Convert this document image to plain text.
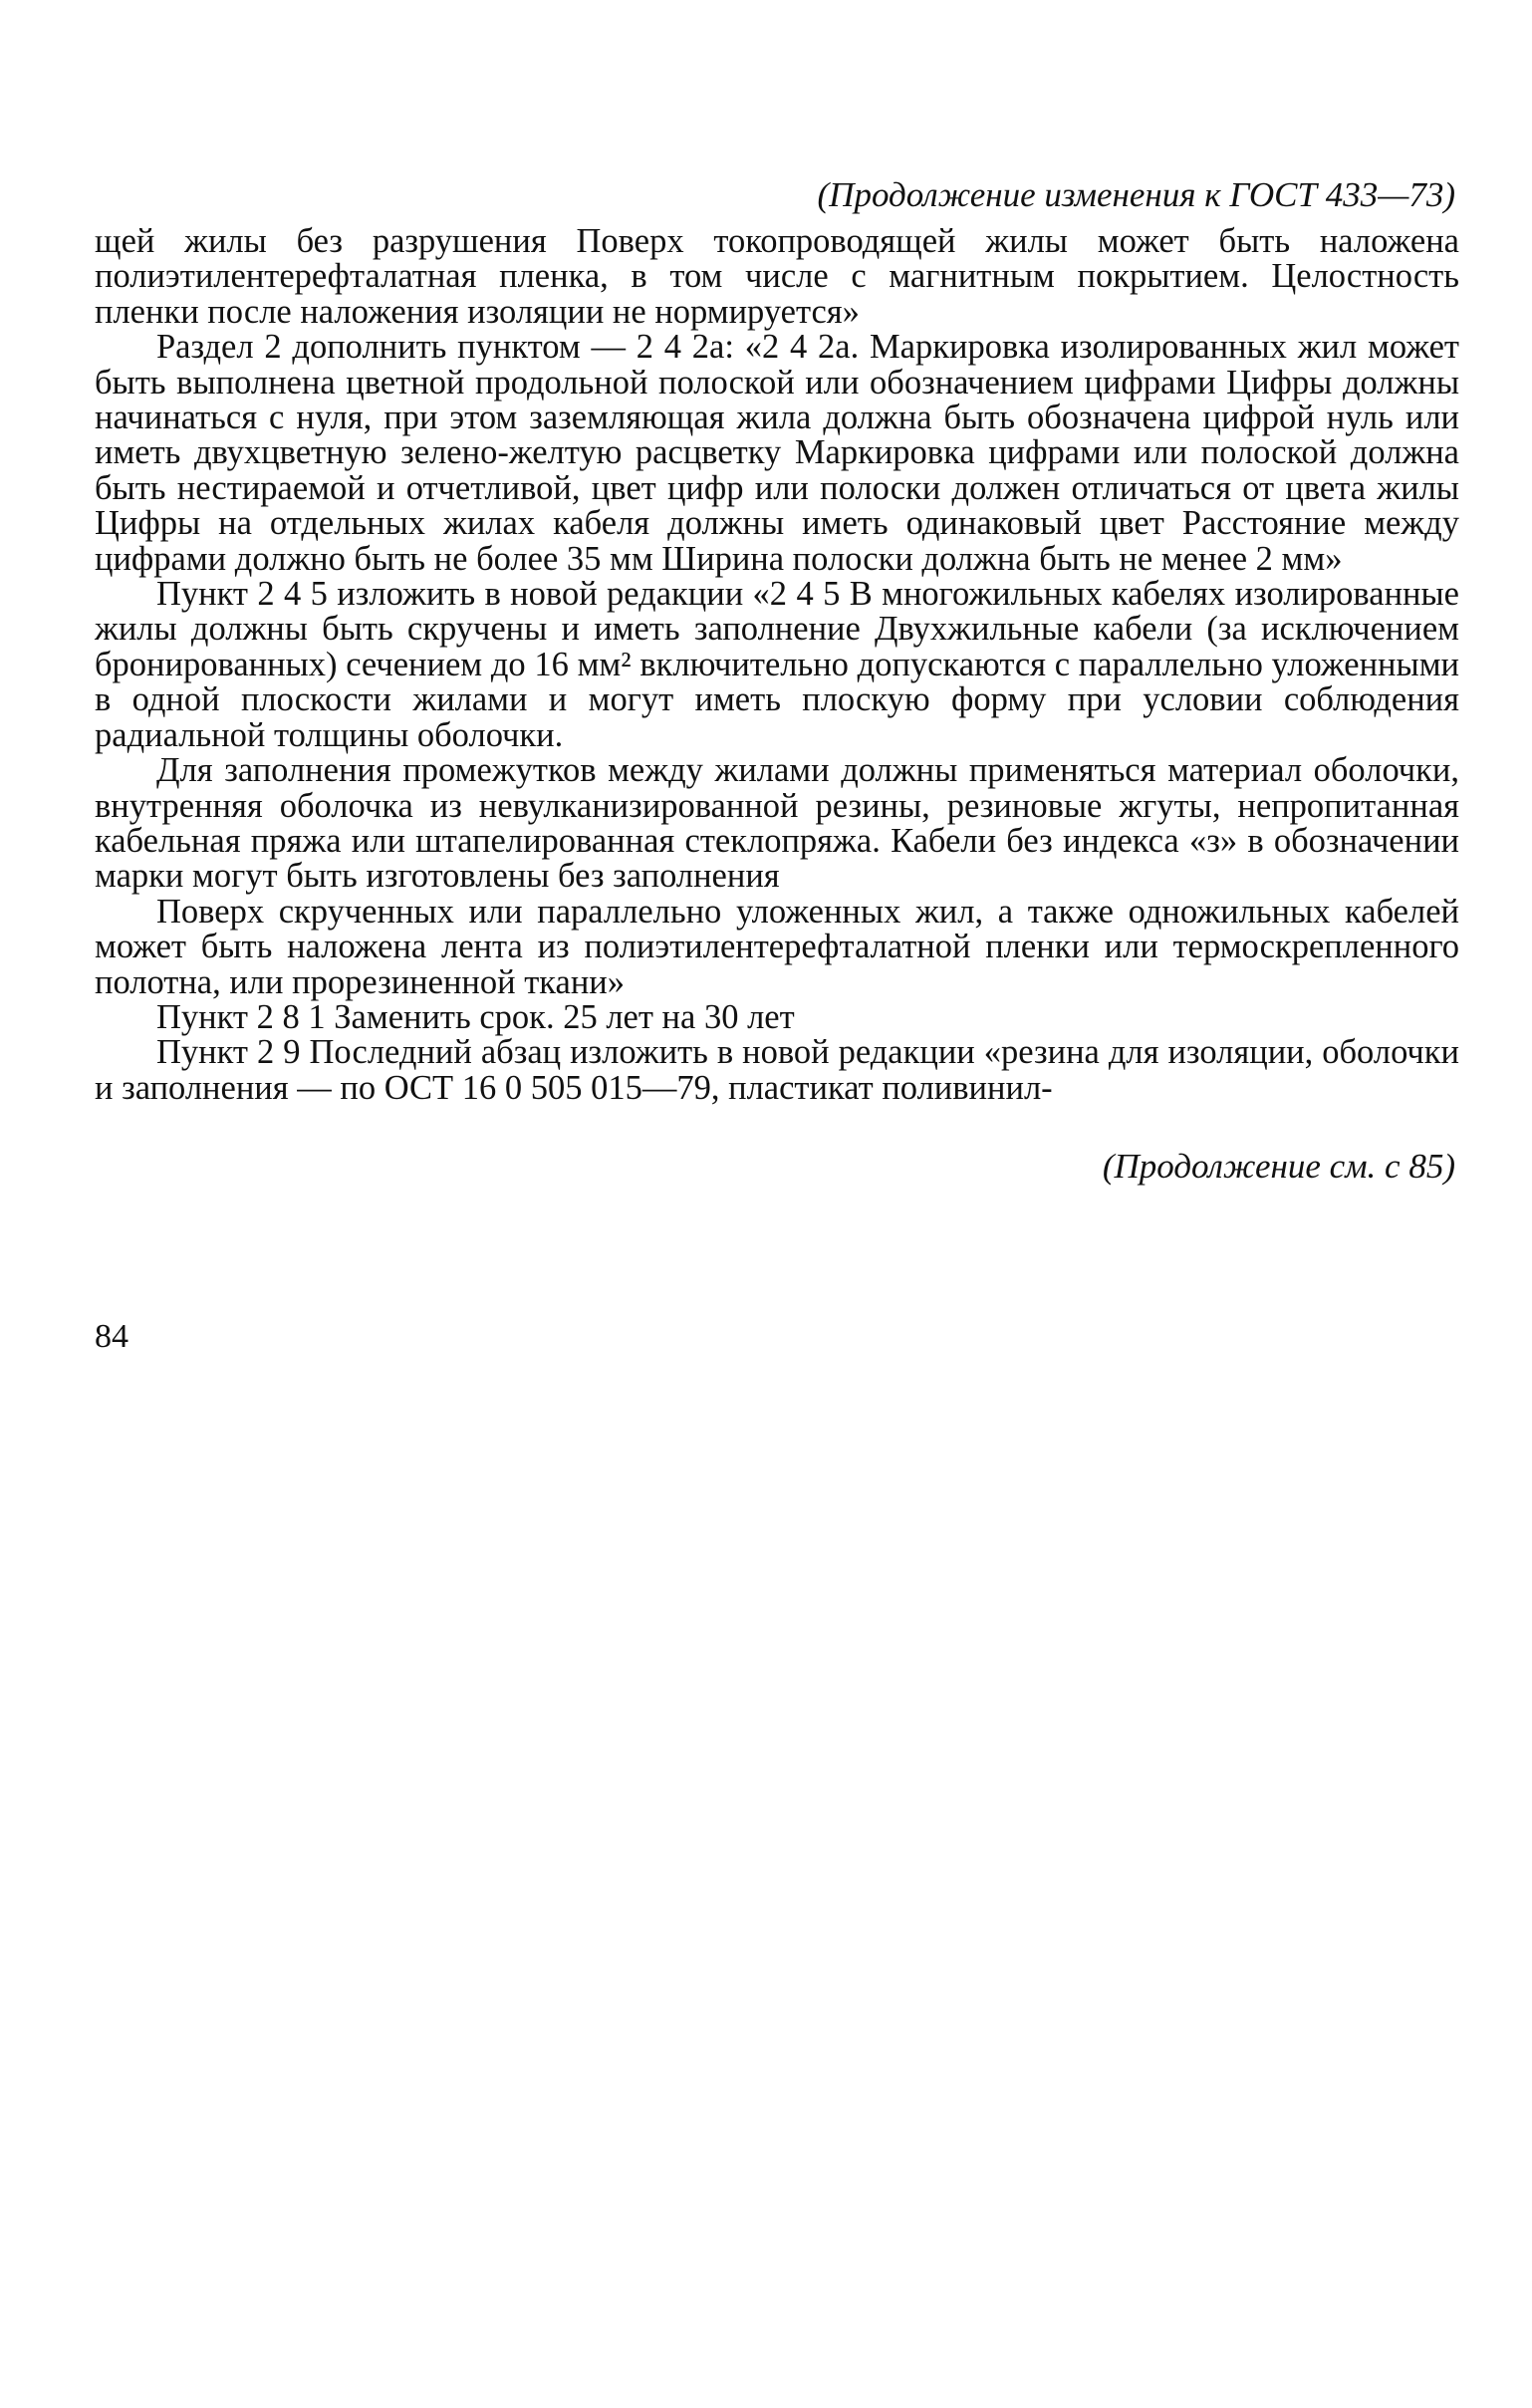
(Продолжение изменения к ГОСТ 433—73)

щей жилы без разрушения Поверх токопроводящей жилы может быть наложена полиэтилентерефталатная пленка, в том числе с магнитным покрытием. Целостность пленки после наложения изоляции не нормируется»

Раздел 2 дополнить пунктом — 2 4 2а: «2 4 2а. Маркировка изолированных жил может быть выполнена цветной продольной полоской или обозначением цифрами Цифры должны начинаться с нуля, при этом заземляющая жила должна быть обозначена цифрой нуль или иметь двухцветную зелено-желтую расцветку Маркировка цифрами или полоской должна быть нестираемой и отчетливой, цвет цифр или полоски должен отличаться от цвета жилы Цифры на отдельных жилах кабеля должны иметь одинаковый цвет Расстояние между цифрами должно быть не более 35 мм Ширина полоски должна быть не менее 2 мм»

Пункт 2 4 5 изложить в новой редакции «2 4 5 В многожильных кабелях изолированные жилы должны быть скручены и иметь заполнение Двухжильные кабели (за исключением бронированных) сечением до 16 мм² включительно допускаются с параллельно уложенными в одной плоскости жилами и могут иметь плоскую форму при условии соблюдения радиальной толщины оболочки.

Для заполнения промежутков между жилами должны применяться материал оболочки, внутренняя оболочка из невулканизированной резины, резиновые жгуты, непропитанная кабельная пряжа или штапелированная стеклопряжа. Кабели без индекса «з» в обозначении марки могут быть изготовлены без заполнения

Поверх скрученных или параллельно уложенных жил, а также одножильных кабелей может быть наложена лента из полиэтилентерефталатной пленки или термоскрепленного полотна, или прорезиненной ткани»

Пункт 2 8 1 Заменить срок. 25 лет на 30 лет

Пункт 2 9 Последний абзац изложить в новой редакции «резина для изоляции, оболочки и заполнения — по ОСТ 16 0 505 015—79, пластикат поливинил-

(Продолжение см. с 85)
84
